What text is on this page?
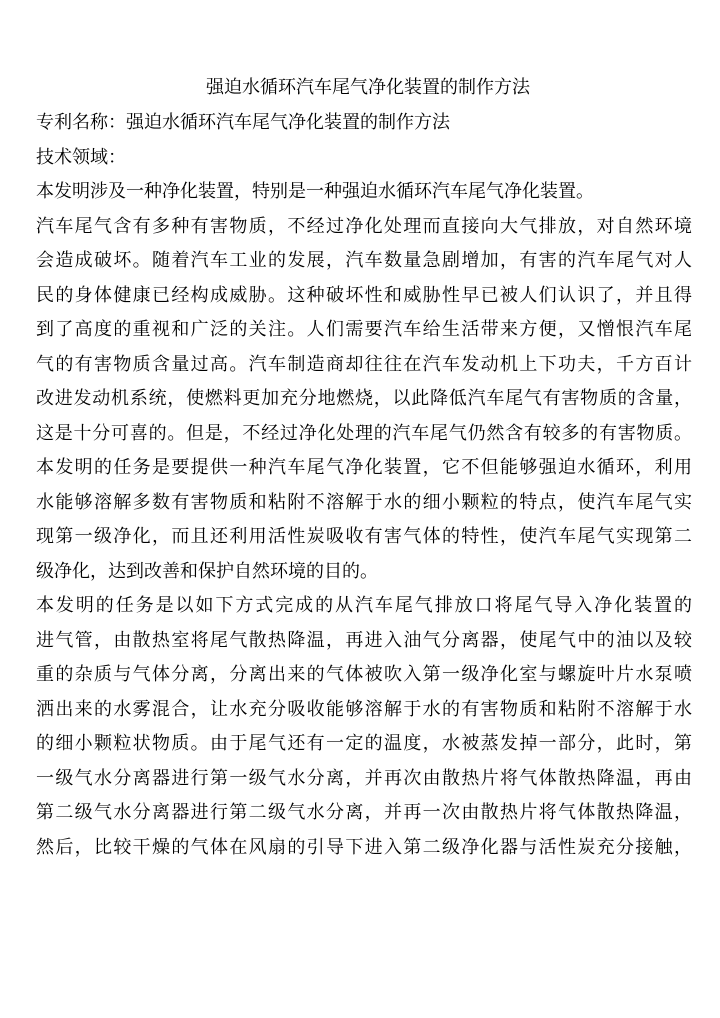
强迫水循环汽车尾气净化装置的制作方法
专利名称：强迫水循环汽车尾气净化装置的制作方法
技术领域：

本发明涉及一种净化装置，特别是一种强迫水循环汽车尾气净化装置。

汽车尾气含有多种有害物质，不经过净化处理而直接向大气排放，对自然环境

会造成破坏。随着汽车工业的发展，汽车数量急剧增加，有害的汽车尾气对人

民的身体健康已经构成威胁。这种破坏性和威胁性早已被人们认识了，并且得

到了高度的重视和广泛的关注。人们需要汽车给生活带来方便，又憎恨汽车尾

气的有害物质含量过高。汽车制造商却往往在汽车发动机上下功夫，千方百计

改进发动机系统，使燃料更加充分地燃烧，以此降低汽车尾气有害物质的含量，

这是十分可喜的。但是，不经过净化处理的汽车尾气仍然含有较多的有害物质。

本发明的任务是要提供一种汽车尾气净化装置，它不但能够强迫水循环，利用

水能够溶解多数有害物质和粘附不溶解于水的细小颗粒的特点，使汽车尾气实

现第一级净化，而且还利用活性炭吸收有害气体的特性，使汽车尾气实现第二

级净化，达到改善和保护自然环境的目的。

本发明的任务是以如下方式完成的从汽车尾气排放口将尾气导入净化装置的

进气管，由散热室将尾气散热降温，再进入油气分离器，使尾气中的油以及较

重的杂质与气体分离，分离出来的气体被吹入第一级净化室与螺旋叶片水泵喷

洒出来的水雾混合，让水充分吸收能够溶解于水的有害物质和粘附不溶解于水

的细小颗粒状物质。由于尾气还有一定的温度，水被蒸发掉一部分，此时，第

一级气水分离器进行第一级气水分离，并再次由散热片将气体散热降温，再由

第二级气水分离器进行第二级气水分离，并再一次由散热片将气体散热降温，

然后，比较干燥的气体在风扇的引导下进入第二级净化器与活性炭充分接触，
